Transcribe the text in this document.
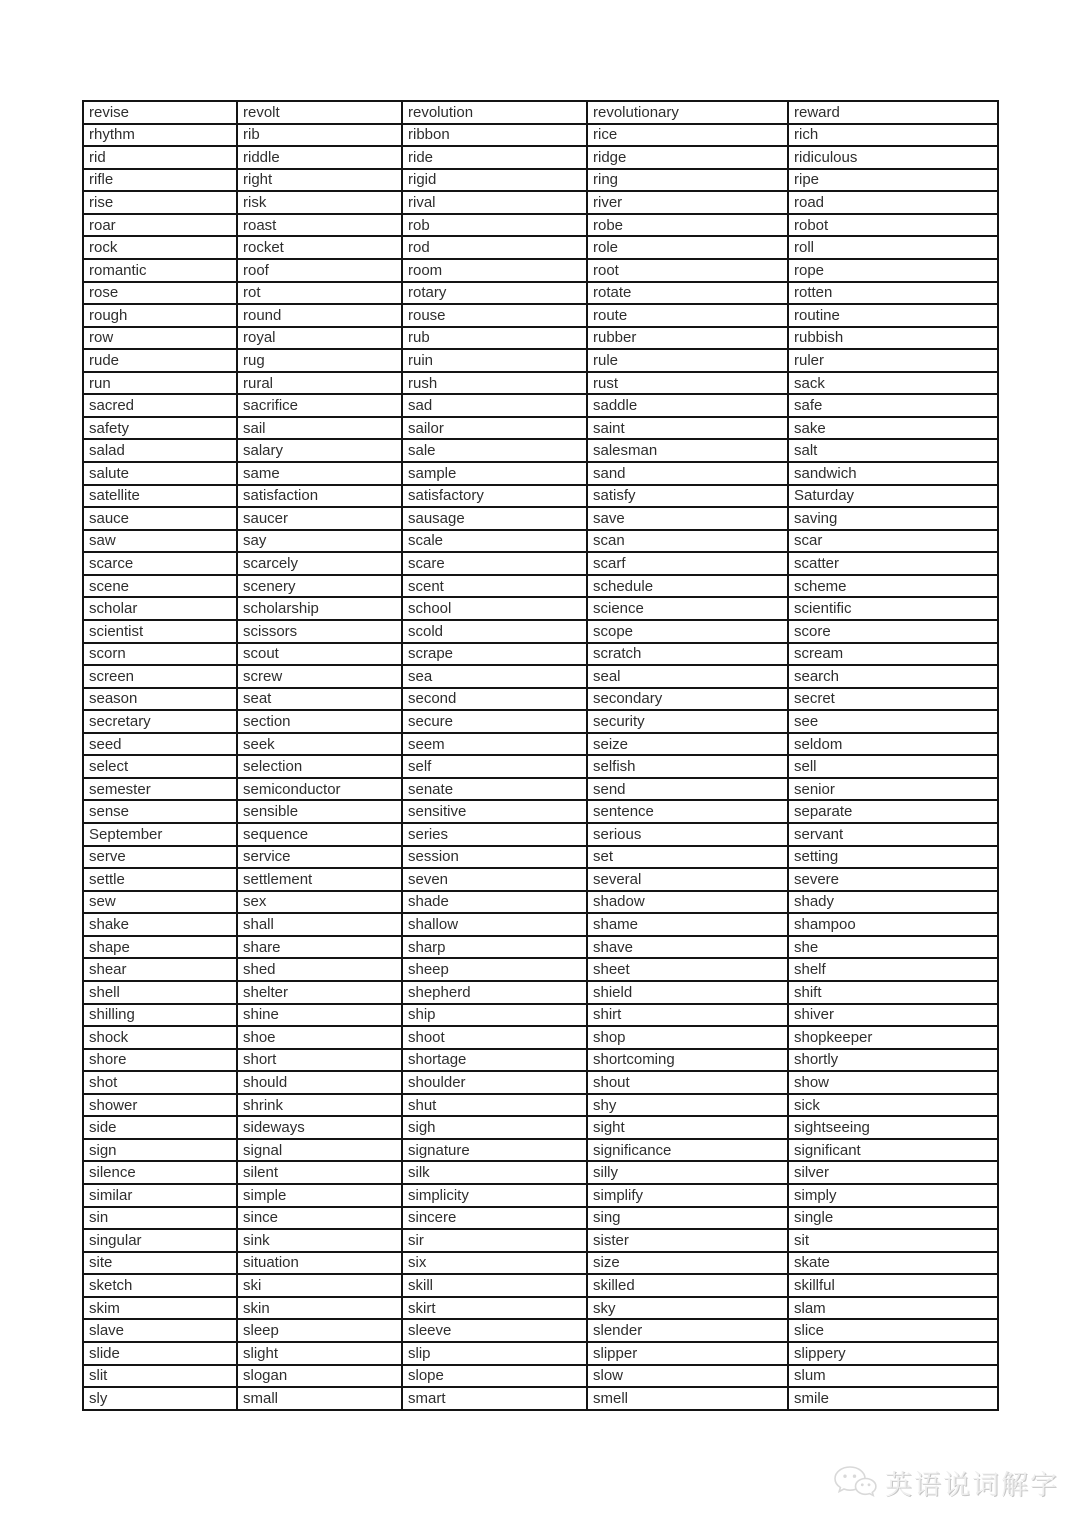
revise	revolt	revolution	revolutionary	reward
rhythm	rib	ribbon	rice	rich
rid	riddle	ride	ridge	ridiculous
rifle	right	rigid	ring	ripe
rise	risk	rival	river	road
roar	roast	rob	robe	robot
rock	rocket	rod	role	roll
romantic	roof	room	root	rope
rose	rot	rotary	rotate	rotten
rough	round	rouse	route	routine
row	royal	rub	rubber	rubbish
rude	rug	ruin	rule	ruler
run	rural	rush	rust	sack
sacred	sacrifice	sad	saddle	safe
safety	sail	sailor	saint	sake
salad	salary	sale	salesman	salt
salute	same	sample	sand	sandwich
satellite	satisfaction	satisfactory	satisfy	Saturday
sauce	saucer	sausage	save	saving
saw	say	scale	scan	scar
scarce	scarcely	scare	scarf	scatter
scene	scenery	scent	schedule	scheme
scholar	scholarship	school	science	scientific
scientist	scissors	scold	scope	score
scorn	scout	scrape	scratch	scream
screen	screw	sea	seal	search
season	seat	second	secondary	secret
secretary	section	secure	security	see
seed	seek	seem	seize	seldom
select	selection	self	selfish	sell
semester	semiconductor	senate	send	senior
sense	sensible	sensitive	sentence	separate
September	sequence	series	serious	servant
serve	service	session	set	setting
settle	settlement	seven	several	severe
sew	sex	shade	shadow	shady
shake	shall	shallow	shame	shampoo
shape	share	sharp	shave	she
shear	shed	sheep	sheet	shelf
shell	shelter	shepherd	shield	shift
shilling	shine	ship	shirt	shiver
shock	shoe	shoot	shop	shopkeeper
shore	short	shortage	shortcoming	shortly
shot	should	shoulder	shout	show
shower	shrink	shut	shy	sick
side	sideways	sigh	sight	sightseeing
sign	signal	signature	significance	significant
silence	silent	silk	silly	silver
similar	simple	simplicity	simplify	simply
sin	since	sincere	sing	single
singular	sink	sir	sister	sit
site	situation	six	size	skate
sketch	ski	skill	skilled	skillful
skim	skin	skirt	sky	slam
slave	sleep	sleeve	slender	slice
slide	slight	slip	slipper	slippery
slit	slogan	slope	slow	slum
sly	small	smart	smell	smile
英语说词解字
